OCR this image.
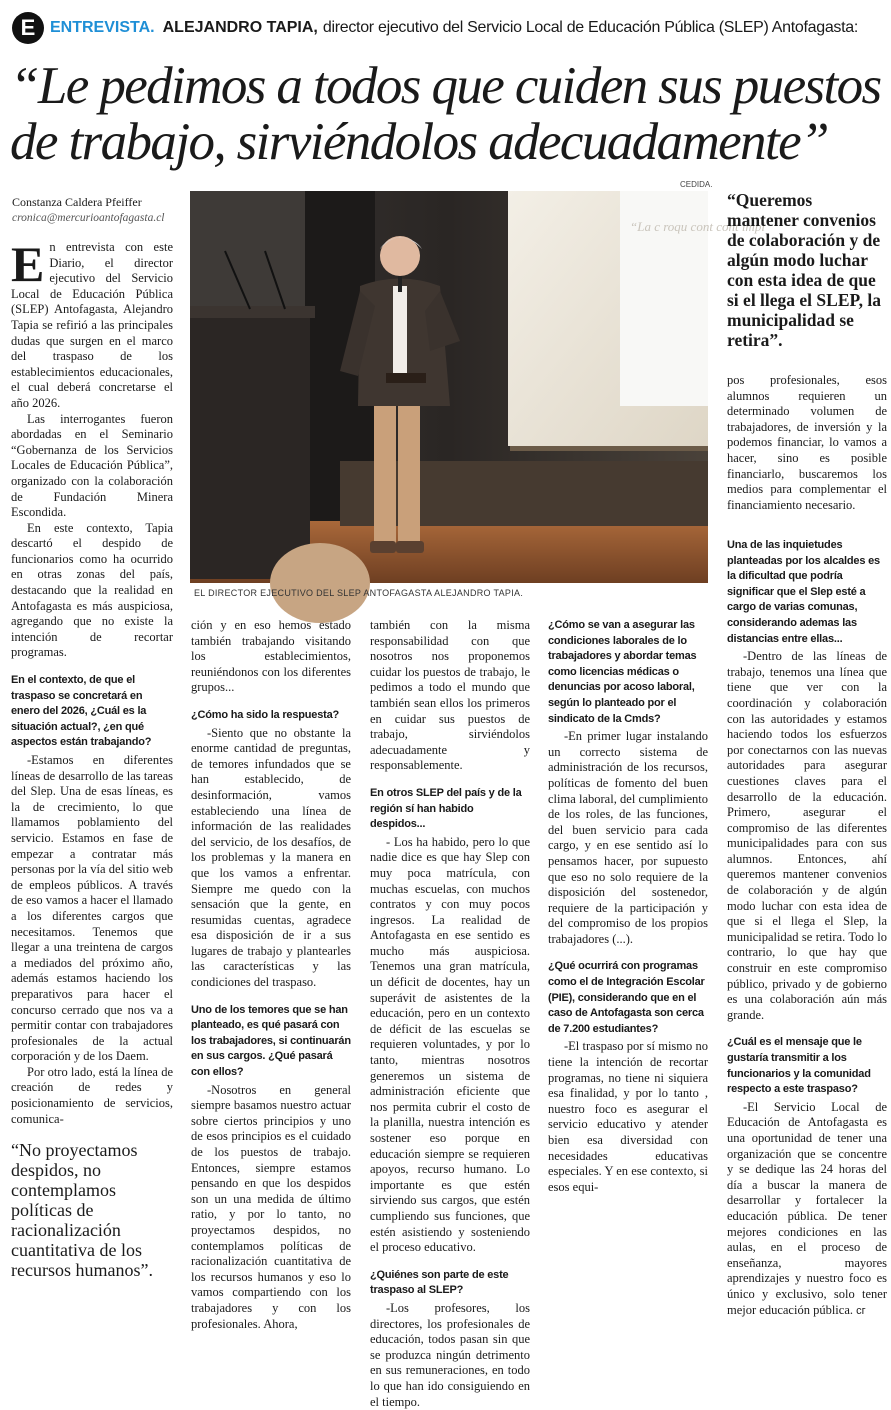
E ENTREVISTA. ALEJANDRO TAPIA, director ejecutivo del Servicio Local de Educación Pública (SLEP) Antofagasta:
“Le pedimos a todos que cuiden sus puestos de trabajo, sirviéndolos adecuadamente”
Constanza Caldera Pfeiffer
cronica@mercurioantofagasta.cl
CEDIDA.
“La c roqu cont cont impl
EL DIRECTOR EJECUTIVO DEL SLEP ANTOFAGASTA ALEJANDRO TAPIA.

En entrevista con este Diario, el director ejecutivo del Servicio Local de Educación Pública (SLEP) Antofagasta, Alejandro Tapia se refirió a las principales dudas que surgen en el marco del traspaso de los establecimientos educacionales, el cual deberá concretarse el año 2026.

Las interrogantes fueron abordadas en el Seminario “Gobernanza de los Servicios Locales de Educación Pública”, organizado con la colaboración de Fundación Minera Escondida.

En este contexto, Tapia descartó el despido de funcionarios como ha ocurrido en otras zonas del país, destacando que la realidad en Antofagasta es más auspiciosa, agregando que no existe la intención de recortar programas.

En el contexto, de que el traspaso se concretará en enero del 2026, ¿Cuál es la situación actual?, ¿en qué aspectos están trabajando?

-Estamos en diferentes líneas de desarrollo de las tareas del Slep. Una de esas líneas, es la de crecimiento, lo que llamamos poblamiento del servicio. Estamos en fase de empezar a contratar más personas por la vía del sitio web de empleos públicos. A través de eso vamos a hacer el llamado a los diferentes cargos que necesitamos. Tenemos que llegar a una treintena de cargos a mediados del próximo año, además estamos haciendo los preparativos para hacer el concurso cerrado que nos va a permitir contar con trabajadores profesionales de la actual corporación y de los Daem.

Por otro lado, está la línea de creación de redes y posicionamiento de servicios, comunica-

“No proyectamos despidos, no contemplamos políticas de racionalización cuantitativa de los recursos humanos”.

ción y en eso hemos estado también trabajando visitando los establecimientos, reuniéndonos con los diferentes grupos...

¿Cómo ha sido la respuesta?

-Siento que no obstante la enorme cantidad de preguntas, de temores infundados que se han establecido, de desinformación, vamos estableciendo una línea de información de las realidades del servicio, de los desafíos, de los problemas y la manera en que los vamos a enfrentar. Siempre me quedo con la sensación que la gente, en resumidas cuentas, agradece esa disposición de ir a sus lugares de trabajo y plantearles las características y las condiciones del traspaso.

Uno de los temores que se han planteado, es qué pasará con los trabajadores, si continuarán en sus cargos. ¿Qué pasará con ellos?

-Nosotros en general siempre basamos nuestro actuar sobre ciertos principios y uno de esos principios es el cuidado de los puestos de trabajo. Entonces, siempre estamos pensando en que los despidos son un una medida de último ratio, y por lo tanto, no proyectamos despidos, no contemplamos políticas de racionalización cuantitativa de los recursos humanos y eso lo vamos compartiendo con los trabajadores y con los profesionales. Ahora,

también con la misma responsabilidad con que nosotros nos proponemos cuidar los puestos de trabajo, le pedimos a todo el mundo que también sean ellos los primeros en cuidar sus puestos de trabajo, sirviéndolos adecuadamente y responsablemente.

En otros SLEP del país y de la región sí han habido despidos...

- Los ha habido, pero lo que nadie dice es que hay Slep con muy poca matrícula, con muchas escuelas, con muchos contratos y con muy pocos ingresos. La realidad de Antofagasta en ese sentido es mucho más auspiciosa. Tenemos una gran matrícula, un déficit de docentes, hay un superávit de asistentes de la educación, pero en un contexto de déficit de las escuelas se requieren voluntades, y por lo tanto, mientras nosotros generemos un sistema de administración eficiente que nos permita cubrir el costo de la planilla, nuestra intención es sostener eso porque en educación siempre se requieren apoyos, recurso humano. Lo importante es que estén sirviendo sus cargos, que estén cumpliendo sus funciones, que estén asistiendo y sosteniendo el proceso educativo.

¿Quiénes son parte de este traspaso al SLEP?

-Los profesores, los directores, los profesionales de educación, todos pasan sin que se produzca ningún detrimento en sus remuneraciones, en todo lo que han ido consiguiendo en el tiempo.

¿Cómo se van a asegurar las condiciones laborales de lo trabajadores y abordar temas como licencias médicas o denuncias por acoso laboral, según lo planteado por el sindicato de la Cmds?

-En primer lugar instalando un correcto sistema de administración de los recursos, políticas de fomento del buen clima laboral, del cumplimiento de los roles, de las funciones, del buen servicio para cada cargo, y en ese sentido así lo pensamos hacer, por supuesto que eso no solo requiere de la disposición del sostenedor, requiere de la participación y del compromiso de los propios trabajadores (...).

¿Qué ocurrirá con programas como el de Integración Escolar (PIE), considerando que en el caso de Antofagasta son cerca de 7.200 estudiantes?

-El traspaso por sí mismo no tiene la intención de recortar programas, no tiene ni siquiera esa finalidad, y por lo tanto , nuestro foco es asegurar el servicio educativo y atender bien esa diversidad con necesidades educativas especiales. Y en ese contexto, si esos equi-

“Queremos mantener convenios de colaboración y de algún modo luchar con esta idea de que si el llega el SLEP, la municipalidad se retira”.

pos profesionales, esos alumnos requieren un determinado volumen de trabajadores, de inversión y la podemos financiar, lo vamos a hacer, sino es posible financiarlo, buscaremos los medios para complementar el financiamiento necesario.

Una de las inquietudes planteadas por los alcaldes es la dificultad que podría significar que el Slep esté a cargo de varias comunas, considerando ademas las distancias entre ellas...

-Dentro de las líneas de trabajo, tenemos una línea que tiene que ver con la coordinación y colaboración con las autoridades y estamos haciendo todos los esfuerzos por conectarnos con las nuevas autoridades para asegurar cuestiones claves para el desarrollo de la educación. Primero, asegurar el compromiso de las diferentes municipalidades para con sus alumnos. Entonces, ahí queremos mantener convenios de colaboración y de algún modo luchar con esta idea de que si el llega el Slep, la municipalidad se retira. Todo lo contrario, lo que hay que construir en este compromiso público, privado y de gobierno es una colaboración aún más grande.

¿Cuál es el mensaje que le gustaría transmitir a los funcionarios y la comunidad respecto a este traspaso?

-El Servicio Local de Educación de Antofagasta es una oportunidad de tener una organización que se concentre y se dedique las 24 horas del día a buscar la manera de desarrollar y fortalecer la educación pública. De tener mejores condiciones en las aulas, en el proceso de enseñanza, mayores aprendizajes y nuestro foco es único y exclusivo, solo tener mejor educación pública. ᴄᴦ
